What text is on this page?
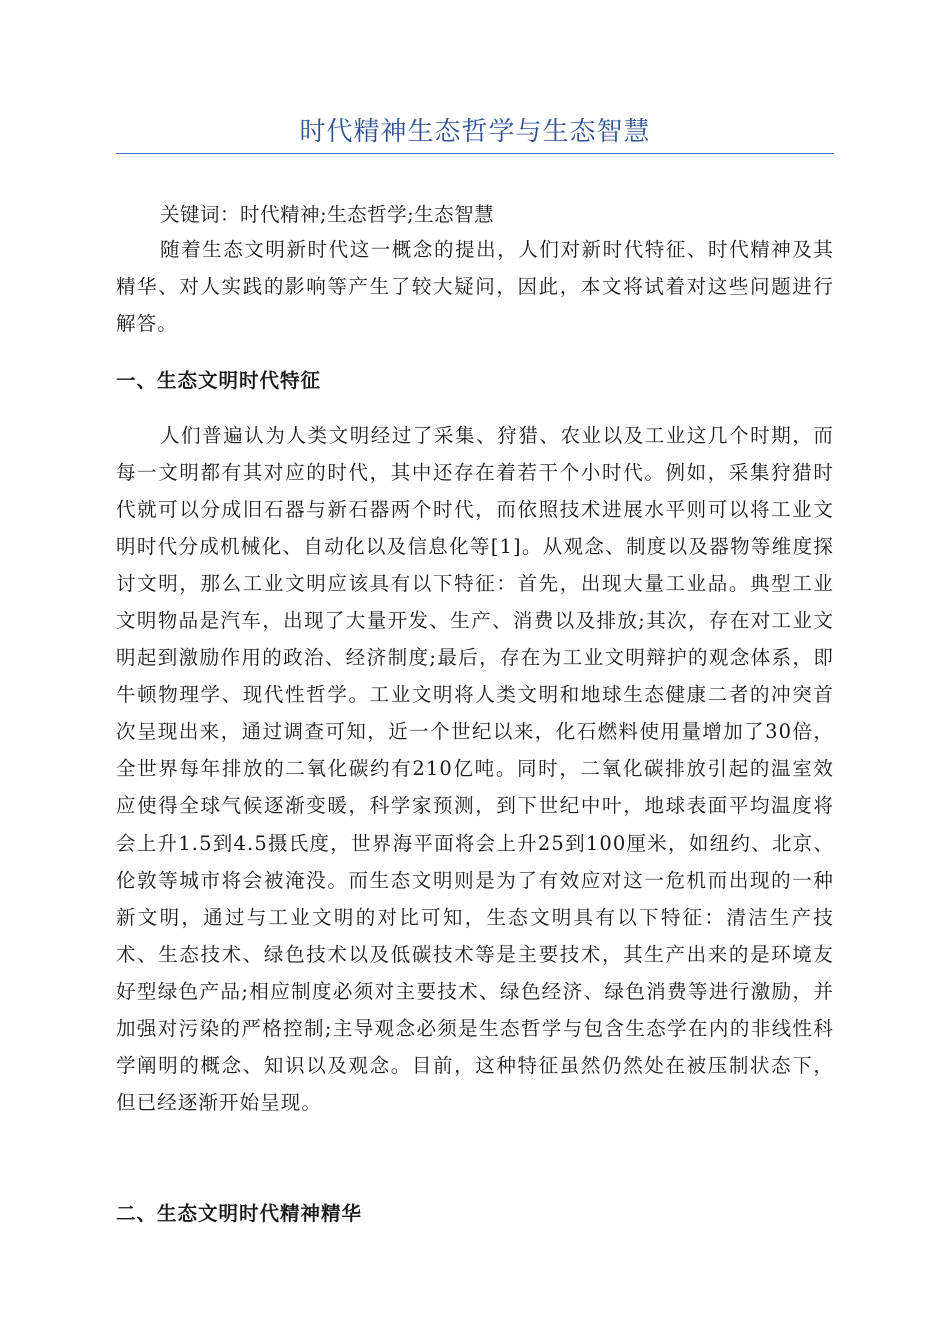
时代精神生态哲学与生态智慧

关键词：时代精神;生态哲学;生态智慧

随着生态文明新时代这一概念的提出，人们对新时代特征、时代精神及其精华、对人实践的影响等产生了较大疑问，因此，本文将试着对这些问题进行解答。

一、生态文明时代特征

人们普遍认为人类文明经过了采集、狩猎、农业以及工业这几个时期，而每一文明都有其对应的时代，其中还存在着若干个小时代。例如，采集狩猎时代就可以分成旧石器与新石器两个时代，而依照技术进展水平则可以将工业文明时代分成机械化、自动化以及信息化等[1]。从观念、制度以及器物等维度探讨文明，那么工业文明应该具有以下特征：首先，出现大量工业品。典型工业文明物品是汽车，出现了大量开发、生产、消费以及排放;其次，存在对工业文明起到激励作用的政治、经济制度;最后，存在为工业文明辩护的观念体系，即牛顿物理学、现代性哲学。工业文明将人类文明和地球生态健康二者的冲突首次呈现出来，通过调查可知，近一个世纪以来，化石燃料使用量增加了30倍，全世界每年排放的二氧化碳约有210亿吨。同时，二氧化碳排放引起的温室效应使得全球气候逐渐变暖，科学家预测，到下世纪中叶，地球表面平均温度将会上升1.5到4.5摄氏度，世界海平面将会上升25到100厘米，如纽约、北京、伦敦等城市将会被淹没。而生态文明则是为了有效应对这一危机而出现的一种新文明，通过与工业文明的对比可知，生态文明具有以下特征：清洁生产技术、生态技术、绿色技术以及低碳技术等是主要技术，其生产出来的是环境友好型绿色产品;相应制度必须对主要技术、绿色经济、绿色消费等进行激励，并加强对污染的严格控制;主导观念必须是生态哲学与包含生态学在内的非线性科学阐明的概念、知识以及观念。目前，这种特征虽然仍然处在被压制状态下，但已经逐渐开始呈现。

二、生态文明时代精神精华
